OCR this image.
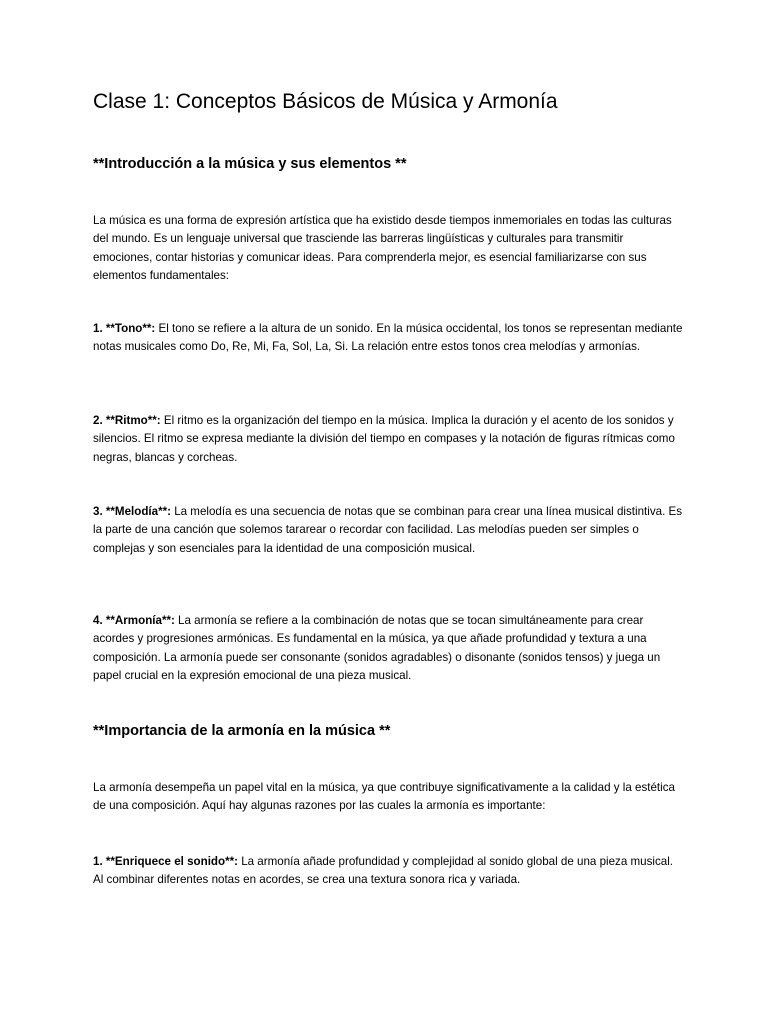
Clase 1: Conceptos Básicos de Música y Armonía
**Introducción a la música y sus elementos **

La música es una forma de expresión artística que ha existido desde tiempos inmemoriales en todas las culturas del mundo. Es un lenguaje universal que trasciende las barreras lingüísticas y culturales para transmitir emociones, contar historias y comunicar ideas. Para comprenderla mejor, es esencial familiarizarse con sus elementos fundamentales:

1. **Tono**: El tono se refiere a la altura de un sonido. En la música occidental, los tonos se representan mediante notas musicales como Do, Re, Mi, Fa, Sol, La, Si. La relación entre estos tonos crea melodías y armonías.

2. **Ritmo**: El ritmo es la organización del tiempo en la música. Implica la duración y el acento de los sonidos y silencios. El ritmo se expresa mediante la división del tiempo en compases y la notación de figuras rítmicas como negras, blancas y corcheas.

3. **Melodía**: La melodía es una secuencia de notas que se combinan para crear una línea musical distintiva. Es la parte de una canción que solemos tararear o recordar con facilidad. Las melodías pueden ser simples o complejas y son esenciales para la identidad de una composición musical.

4. **Armonía**: La armonía se refiere a la combinación de notas que se tocan simultáneamente para crear acordes y progresiones armónicas. Es fundamental en la música, ya que añade profundidad y textura a una composición. La armonía puede ser consonante (sonidos agradables) o disonante (sonidos tensos) y juega un papel crucial en la expresión emocional de una pieza musical.

**Importancia de la armonía en la música **

La armonía desempeña un papel vital en la música, ya que contribuye significativamente a la calidad y la estética de una composición. Aquí hay algunas razones por las cuales la armonía es importante:

1. **Enriquece el sonido**: La armonía añade profundidad y complejidad al sonido global de una pieza musical. Al combinar diferentes notas en acordes, se crea una textura sonora rica y variada.
